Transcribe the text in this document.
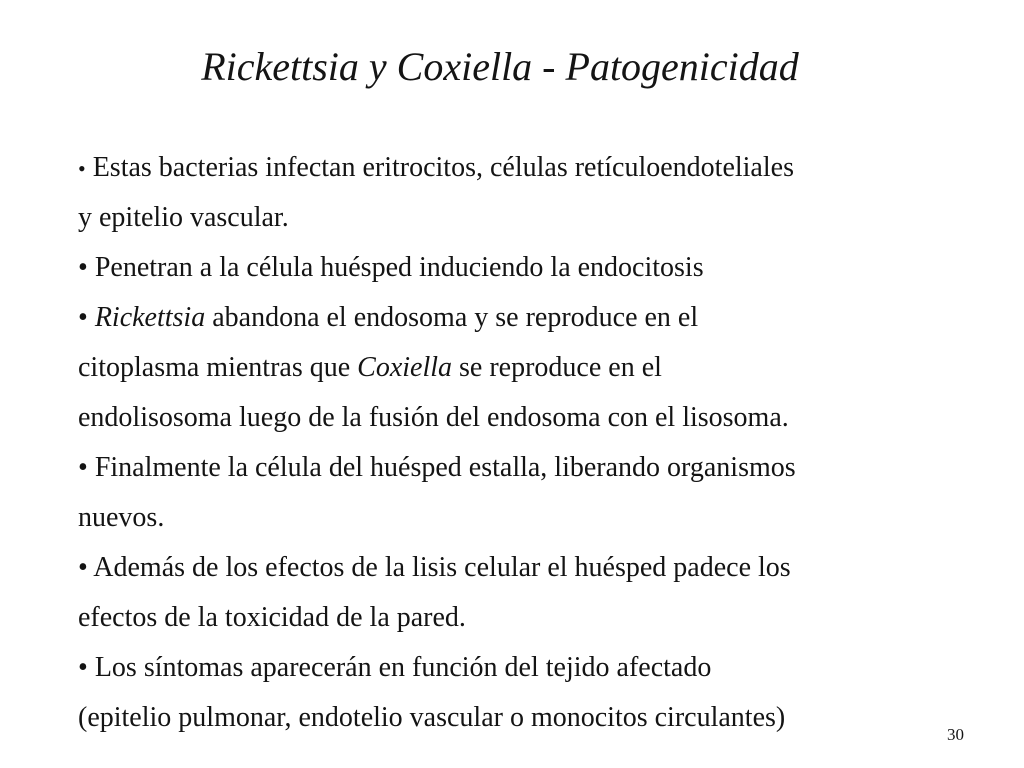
Rickettsia y Coxiella - Patogenicidad
• Estas bacterias infectan eritrocitos, células retículoendoteliales
y epitelio vascular.
• Penetran a la célula huésped induciendo la endocitosis
• Rickettsia abandona el endosoma y se reproduce en el
citoplasma mientras que Coxiella se reproduce en el
endolisosoma luego de la fusión del endosoma con el lisosoma.
• Finalmente la célula del huésped estalla, liberando organismos
nuevos.
• Además de los efectos de la lisis celular el huésped padece los
efectos de la toxicidad de la pared.
• Los síntomas aparecerán en función del tejido afectado
(epitelio pulmonar, endotelio vascular o monocitos circulantes)
30
